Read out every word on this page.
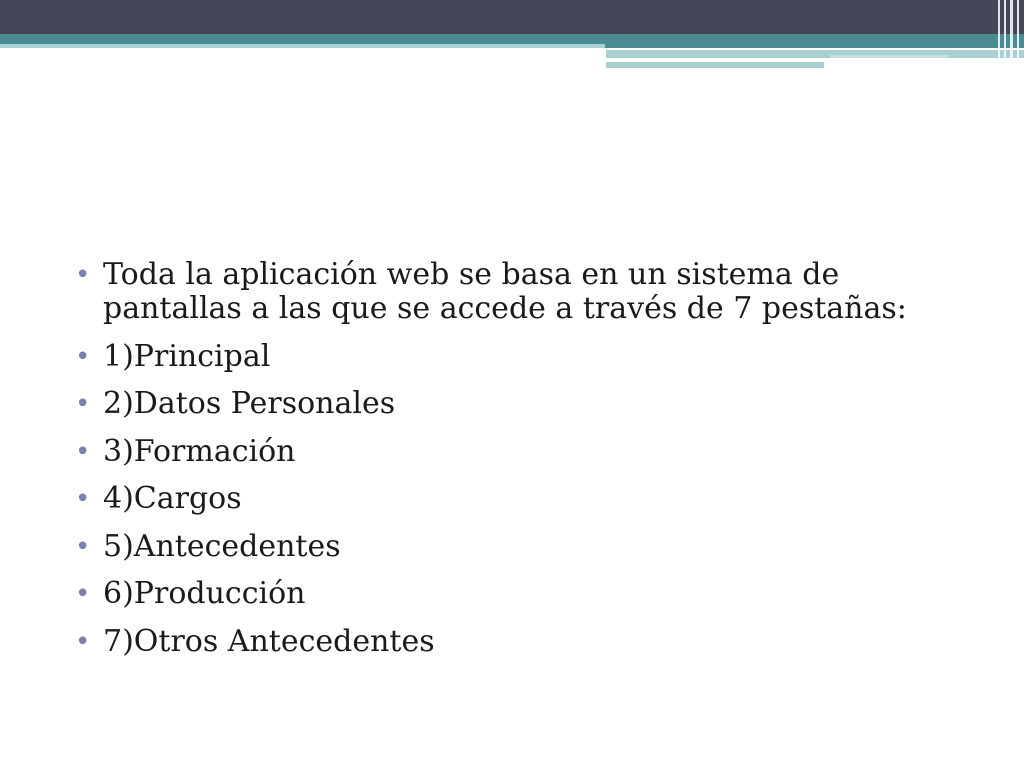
• Toda la aplicación web se basa en un sistema de pantallas a las que se accede a través de 7 pestañas:
• 1)Principal
• 2)Datos Personales
• 3)Formación
• 4)Cargos
• 5)Antecedentes
• 6)Producción
• 7)Otros Antecedentes
